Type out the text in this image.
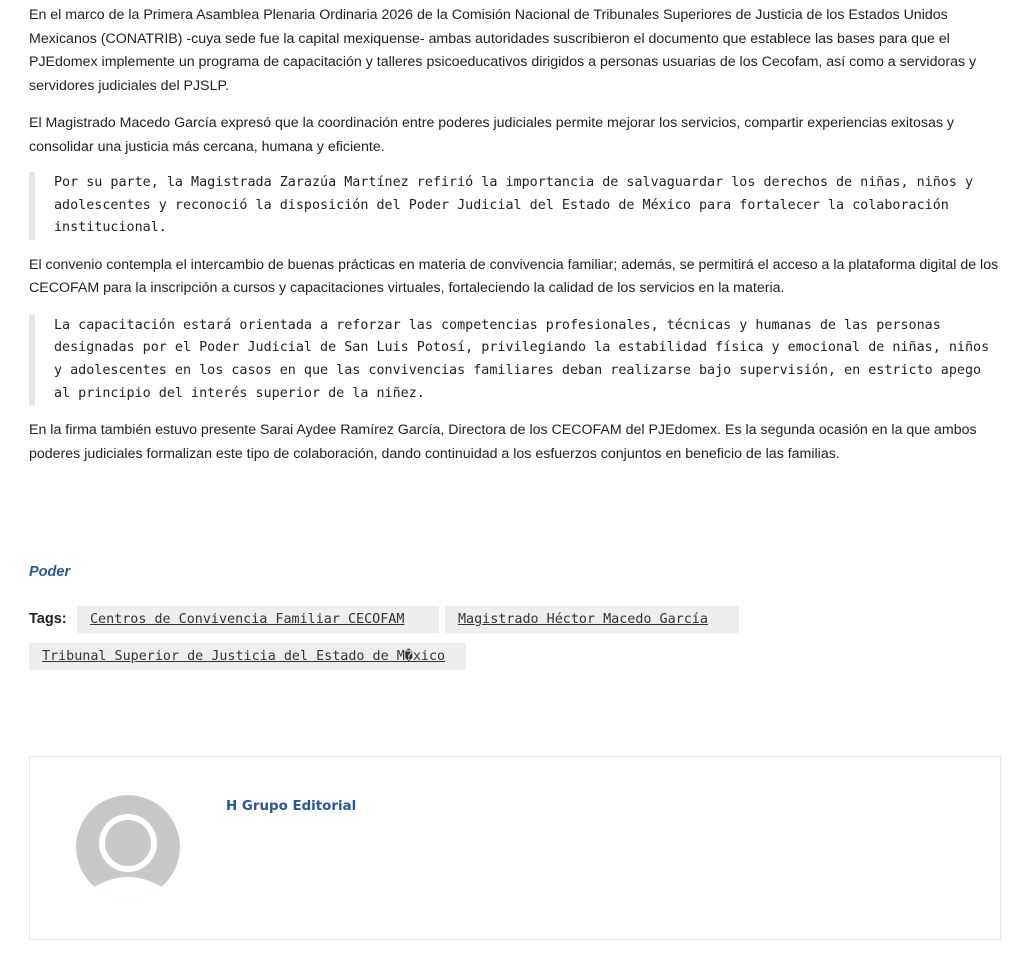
En el marco de la Primera Asamblea Plenaria Ordinaria 2026 de la Comisión Nacional de Tribunales Superiores de Justicia de los Estados Unidos Mexicanos (CONATRIB) -cuya sede fue la capital mexiquense- ambas autoridades suscribieron el documento que establece las bases para que el PJEdomex implemente un programa de capacitación y talleres psicoeducativos dirigidos a personas usuarias de los Cecofam, así como a servidoras y servidores judiciales del PJSLP.

El Magistrado Macedo García expresó que la coordinación entre poderes judiciales permite mejorar los servicios, compartir experiencias exitosas y consolidar una justicia más cercana, humana y eficiente.

Por su parte, la Magistrada Zarazúa Martínez refirió la importancia de salvaguardar los derechos de niñas, niños y adolescentes y reconoció la disposición del Poder Judicial del Estado de México para fortalecer la colaboración institucional.

El convenio contempla el intercambio de buenas prácticas en materia de convivencia familiar; además, se permitirá el acceso a la plataforma digital de los CECOFAM para la inscripción a cursos y capacitaciones virtuales, fortaleciendo la calidad de los servicios en la materia.

La capacitación estará orientada a reforzar las competencias profesionales, técnicas y humanas de las personas designadas por el Poder Judicial de San Luis Potosí, privilegiando la estabilidad física y emocional de niñas, niños y adolescentes en los casos en que las convivencias familiares deban realizarse bajo supervisión, en estricto apego al principio del interés superior de la niñez.

En la firma también estuvo presente Sarai Aydee Ramírez García, Directora de los CECOFAM del PJEdomex. Es la segunda ocasión en la que ambos poderes judiciales formalizan este tipo de colaboración, dando continuidad a los esfuerzos conjuntos en beneficio de las familias.

Poder
Tags:	Centros de Convivencia Familiar CECOFAM	Magistrado Héctor Macedo García
Tribunal Superior de Justicia del Estado de M�xico
H Grupo Editorial
